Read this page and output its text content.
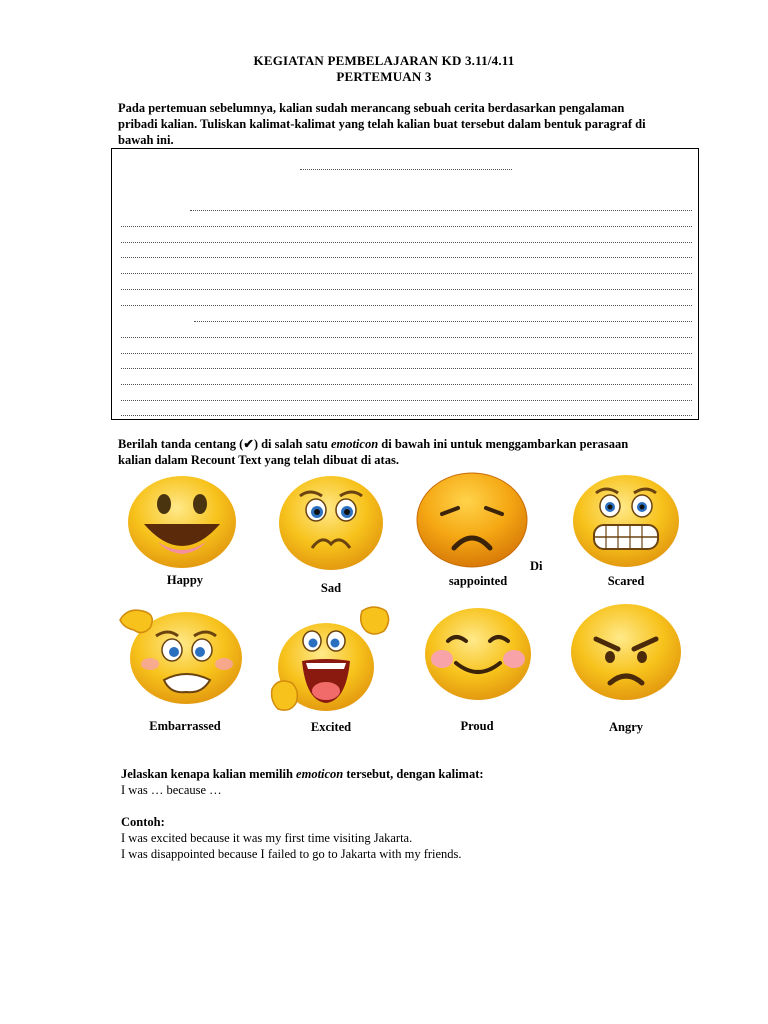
KEGIATAN PEMBELAJARAN KD 3.11/4.11
PERTEMUAN 3
Pada pertemuan sebelumnya, kalian sudah merancang sebuah cerita berdasarkan pengalaman
pribadi kalian. Tuliskan kalimat-kalimat yang telah kalian buat tersebut dalam bentuk paragraf di
bawah ini.
Berilah tanda centang (✔) di salah satu emoticon di bawah ini untuk menggambarkan perasaan
kalian dalam Recount Text yang telah dibuat di atas.
Happy
Sad
Di
sappointed	Scared
Embarrassed	Excited	Proud	Angry
Jelaskan kenapa kalian memilih emoticon tersebut, dengan kalimat:
I was … because …
Contoh:
I was excited because it was my first time visiting Jakarta.
I was disappointed because I failed to go to Jakarta with my friends.
